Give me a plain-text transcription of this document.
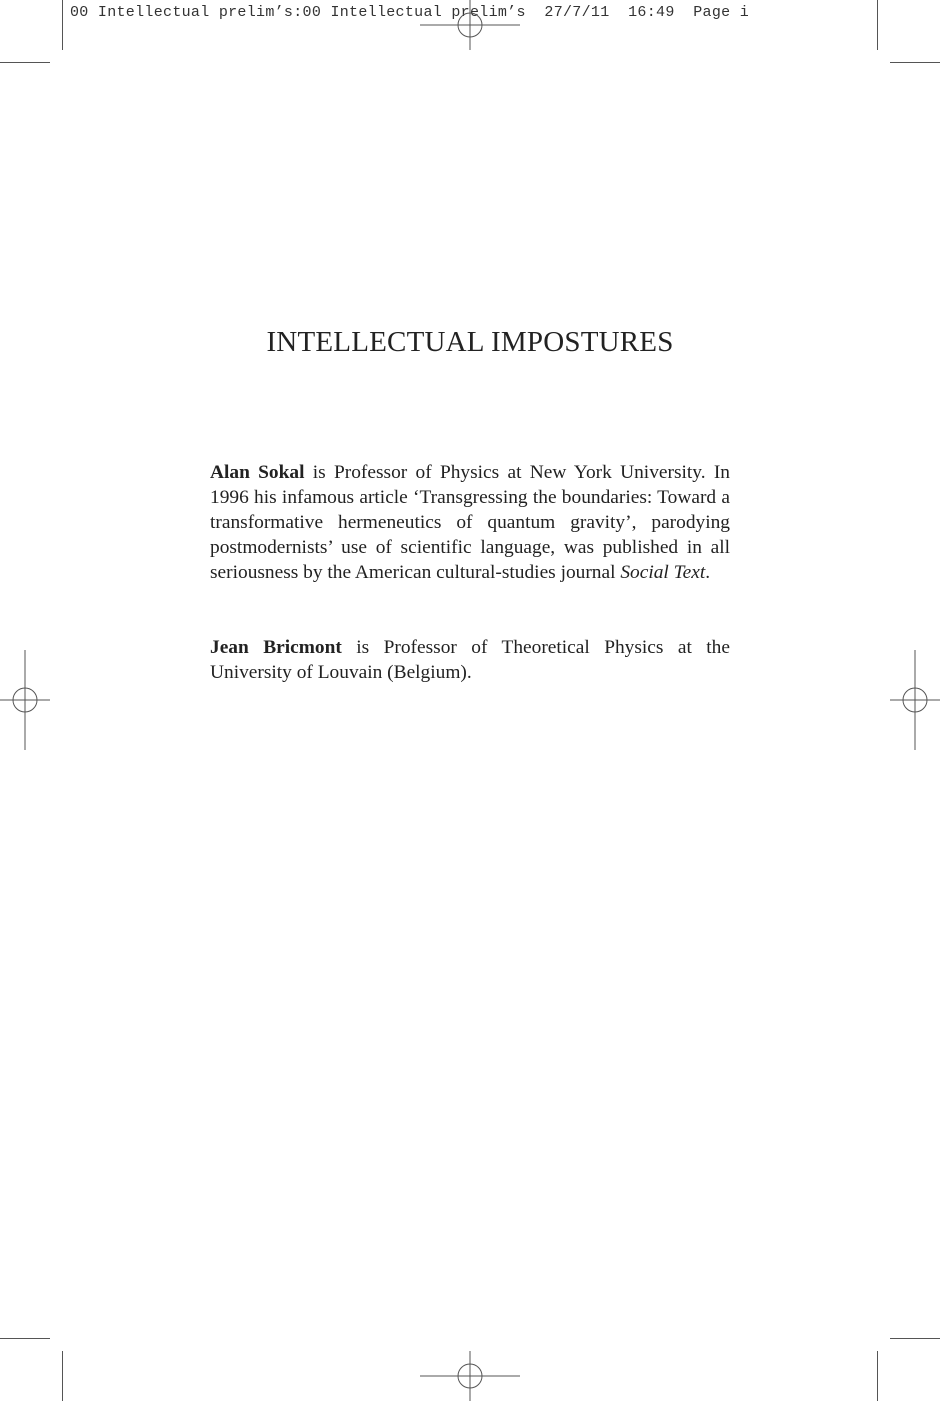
00 Intellectual prelim’s:00 Intellectual prelim’s 27/7/11 16:49 Page i
INTELLECTUAL IMPOSTURES

Alan Sokal is Professor of Physics at New York University. In 1996 his infamous article ‘Transgressing the boundaries: Toward a transformative hermeneutics of quantum gravity’, parodying postmodernists’ use of scientific language, was published in all seriousness by the American cultural-studies journal Social Text.

Jean Bricmont is Professor of Theoretical Physics at the University of Louvain (Belgium).
